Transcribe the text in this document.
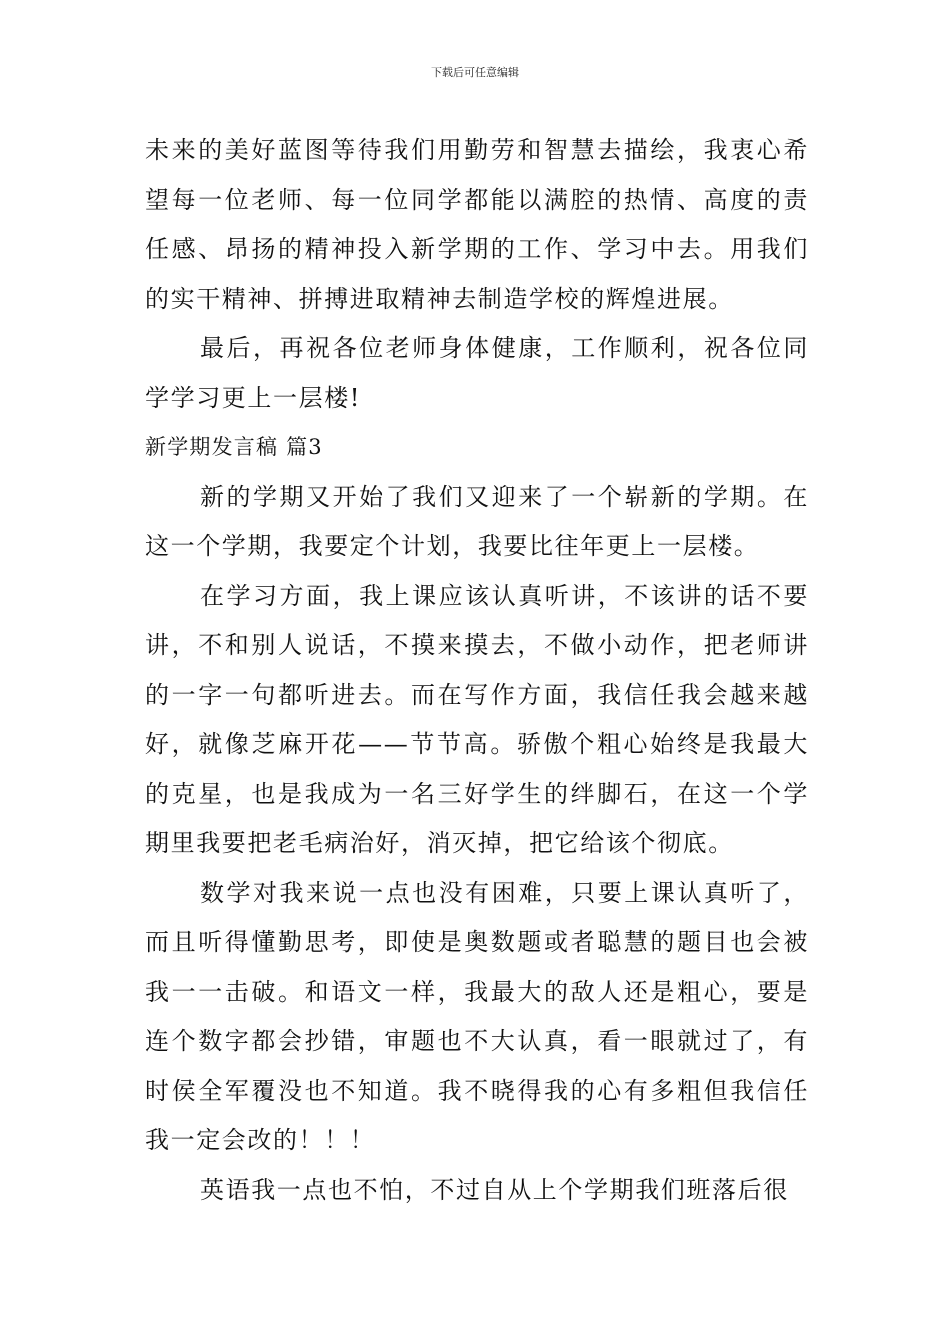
下载后可任意编辑

未来的美好蓝图等待我们用勤劳和智慧去描绘，我衷心希望每一位老师、每一位同学都能以满腔的热情、高度的责任感、昂扬的精神投入新学期的工作、学习中去。用我们的实干精神、拼搏进取精神去制造学校的辉煌进展。

最后，再祝各位老师身体健康，工作顺利，祝各位同学学习更上一层楼!

新学期发言稿 篇3

新的学期又开始了我们又迎来了一个崭新的学期。在这一个学期，我要定个计划，我要比往年更上一层楼。

在学习方面，我上课应该认真听讲，不该讲的话不要讲，不和别人说话，不摸来摸去，不做小动作，把老师讲的一字一句都听进去。而在写作方面，我信任我会越来越好，就像芝麻开花——节节高。骄傲个粗心始终是我最大的克星，也是我成为一名三好学生的绊脚石，在这一个学期里我要把老毛病治好，消灭掉，把它给该个彻底。

数学对我来说一点也没有困难，只要上课认真听了，而且听得懂勤思考，即使是奥数题或者聪慧的题目也会被我一一击破。和语文一样，我最大的敌人还是粗心，要是连个数字都会抄错，审题也不大认真，看一眼就过了，有时侯全军覆没也不知道。我不晓得我的心有多粗但我信任我一定会改的！！！

英语我一点也不怕，不过自从上个学期我们班落后很
